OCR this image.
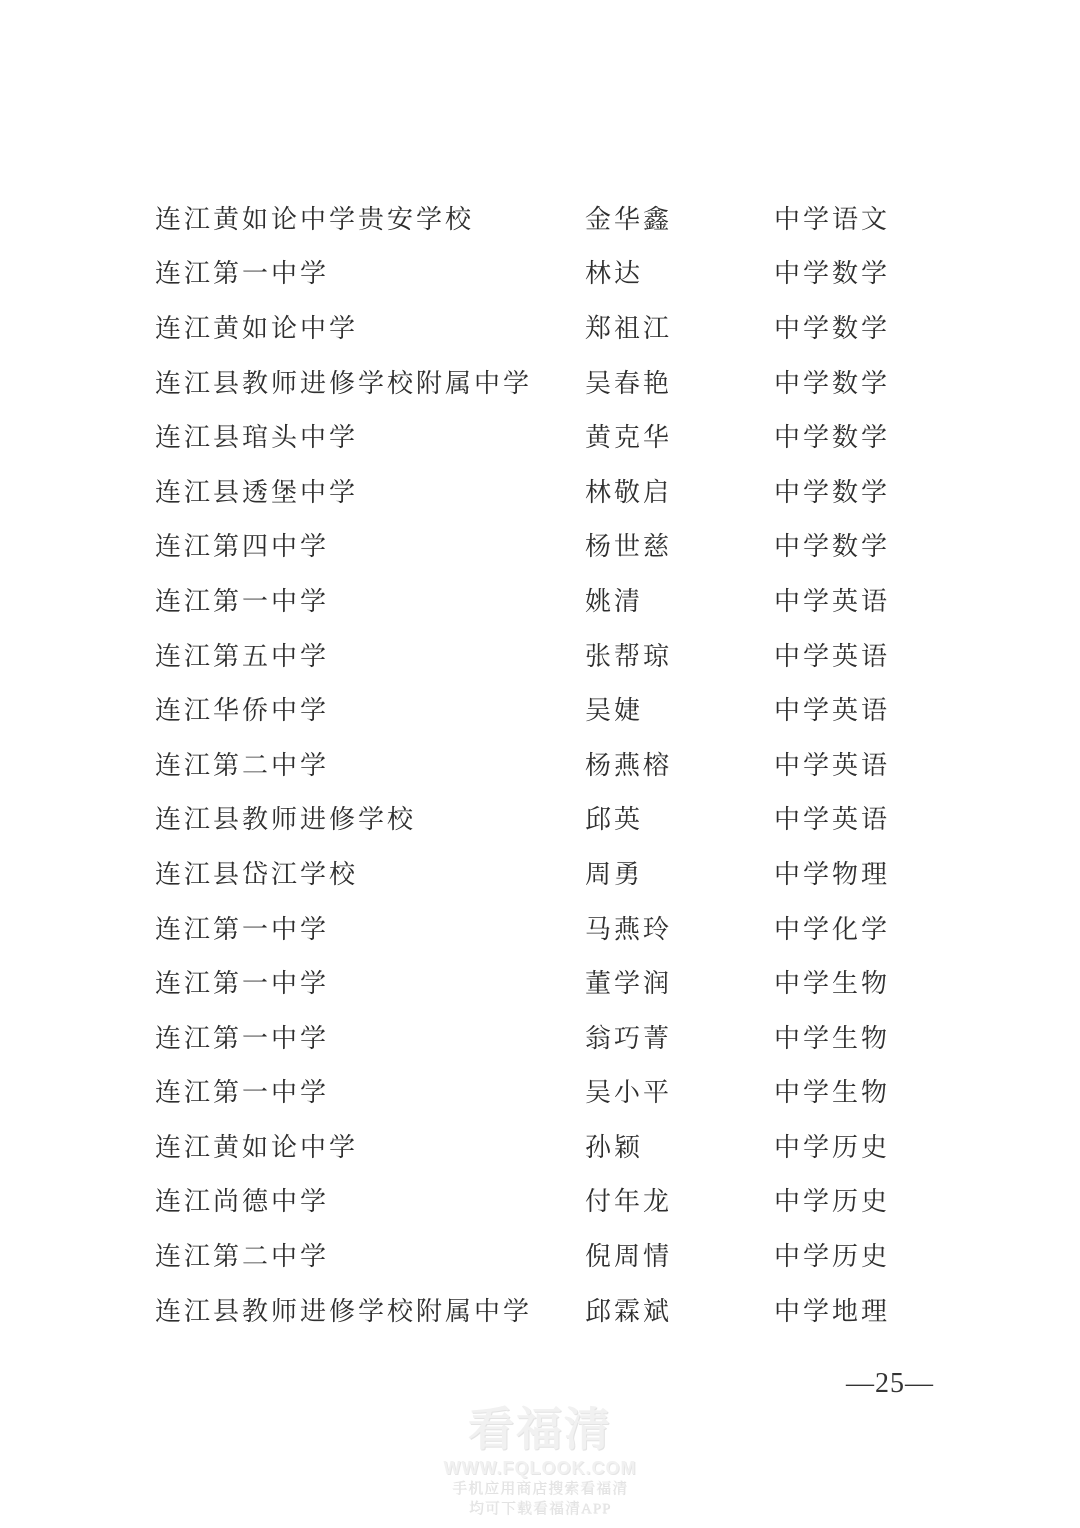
连江黄如论中学贵安学校	金华鑫	中学语文
连江第一中学	林达	中学数学
连江黄如论中学	郑祖江	中学数学
连江县教师进修学校附属中学	吴春艳	中学数学
连江县琯头中学	黄克华	中学数学
连江县透堡中学	林敬启	中学数学
连江第四中学	杨世慈	中学数学
连江第一中学	姚清	中学英语
连江第五中学	张帮琼	中学英语
连江华侨中学	吴婕	中学英语
连江第二中学	杨燕榕	中学英语
连江县教师进修学校	邱英	中学英语
连江县岱江学校	周勇	中学物理
连江第一中学	马燕玲	中学化学
连江第一中学	董学润	中学生物
连江第一中学	翁巧菁	中学生物
连江第一中学	吴小平	中学生物
连江黄如论中学	孙颖	中学历史
连江尚德中学	付年龙	中学历史
连江第二中学	倪周情	中学历史
连江县教师进修学校附属中学	邱霖斌	中学地理
—25—
看福清
WWW.FQLOOK.COM
手机应用商店搜索看福清
均可下载看福清APP
